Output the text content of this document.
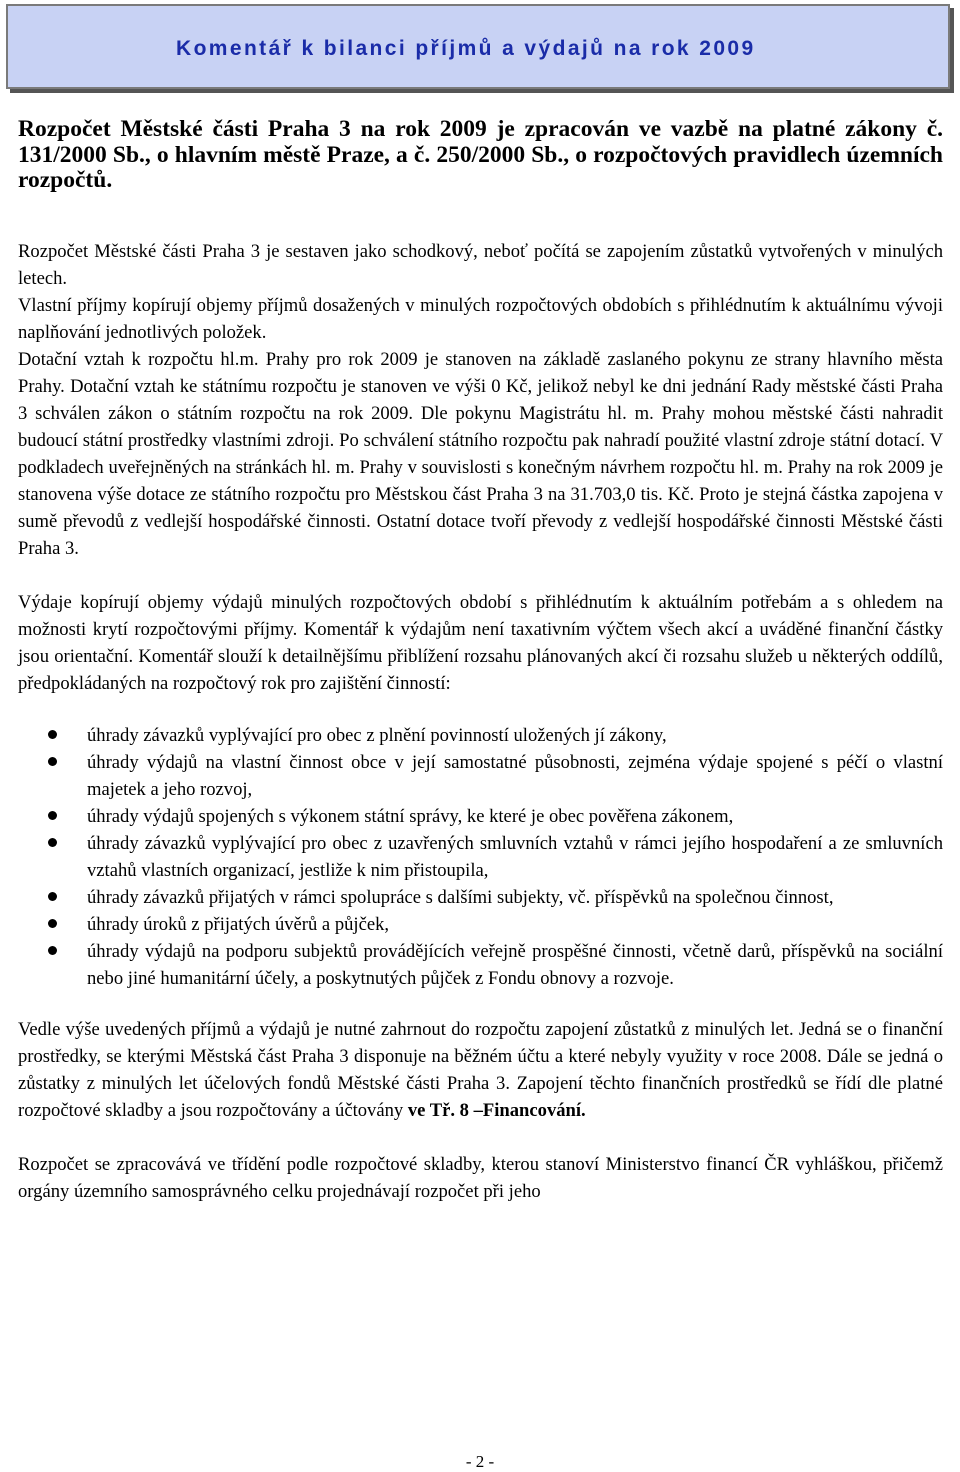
Komentář k bilanci příjmů a výdajů na rok 2009

Rozpočet Městské části Praha 3 na rok 2009 je zpracován ve vazbě na platné zákony č. 131/2000 Sb., o hlavním městě Praze, a č. 250/2000 Sb., o rozpočtových pravidlech územních rozpočtů.

Rozpočet Městské části Praha 3 je sestaven jako schodkový, neboť počítá se zapojením zůstatků vytvořených v minulých letech.

Vlastní příjmy kopírují objemy příjmů dosažených v minulých rozpočtových obdobích s přihlédnutím k aktuálnímu vývoji naplňování jednotlivých položek.

Dotační vztah k rozpočtu hl.m. Prahy pro rok 2009 je stanoven na základě zaslaného pokynu ze strany hlavního města Prahy. Dotační vztah ke státnímu rozpočtu je stanoven ve výši 0 Kč, jelikož nebyl ke dni jednání Rady městské části Praha 3 schválen zákon o státním rozpočtu na rok 2009. Dle pokynu Magistrátu hl. m. Prahy mohou městské části nahradit budoucí státní prostředky vlastními zdroji. Po schválení státního rozpočtu pak nahradí použité vlastní zdroje státní dotací. V podkladech uveřejněných na stránkách hl. m. Prahy v souvislosti s konečným návrhem rozpočtu hl. m. Prahy na rok 2009 je stanovena výše dotace ze státního rozpočtu pro Městskou část Praha 3 na 31.703,0 tis. Kč. Proto je stejná částka zapojena v sumě převodů z vedlejší hospodářské činnosti. Ostatní dotace tvoří převody z vedlejší hospodářské činnosti Městské části Praha 3.

Výdaje kopírují objemy výdajů minulých rozpočtových období s přihlédnutím k aktuálním potřebám a s ohledem na možnosti krytí rozpočtovými příjmy. Komentář k výdajům není taxativním výčtem všech akcí a uváděné finanční částky jsou orientační. Komentář slouží k detailnějšímu přiblížení rozsahu plánovaných akcí či rozsahu služeb u některých oddílů, předpokládaných na rozpočtový rok pro zajištění činností:

úhrady závazků vyplývající pro obec z plnění povinností uložených jí zákony,
úhrady výdajů na vlastní činnost obce v její samostatné působnosti, zejména výdaje spojené s péčí o vlastní majetek a jeho rozvoj,
úhrady výdajů spojených s výkonem státní správy, ke které je obec pověřena zákonem,
úhrady závazků vyplývající pro obec z uzavřených smluvních vztahů v rámci jejího hospodaření a ze smluvních vztahů vlastních organizací, jestliže k nim přistoupila,
úhrady závazků přijatých v rámci spolupráce s dalšími subjekty, vč. příspěvků na společnou činnost,
úhrady úroků z přijatých úvěrů a půjček,
úhrady výdajů na podporu subjektů provádějících veřejně prospěšné činnosti, včetně darů, příspěvků na sociální nebo jiné humanitární účely, a poskytnutých půjček z Fondu obnovy a rozvoje.

Vedle výše uvedených příjmů a výdajů je nutné zahrnout do rozpočtu zapojení zůstatků z minulých let. Jedná se o finanční prostředky, se kterými Městská část Praha 3 disponuje na běžném účtu a které nebyly využity v roce 2008. Dále se jedná o zůstatky z minulých let účelových fondů Městské části Praha 3. Zapojení těchto finančních prostředků se řídí dle platné rozpočtové skladby a jsou rozpočtovány a účtovány ve Tř. 8 –Financování.

Rozpočet se zpracovává ve třídění podle rozpočtové skladby, kterou stanoví Ministerstvo financí ČR vyhláškou, přičemž orgány územního samosprávného celku projednávají rozpočet při jeho

- 2 -
